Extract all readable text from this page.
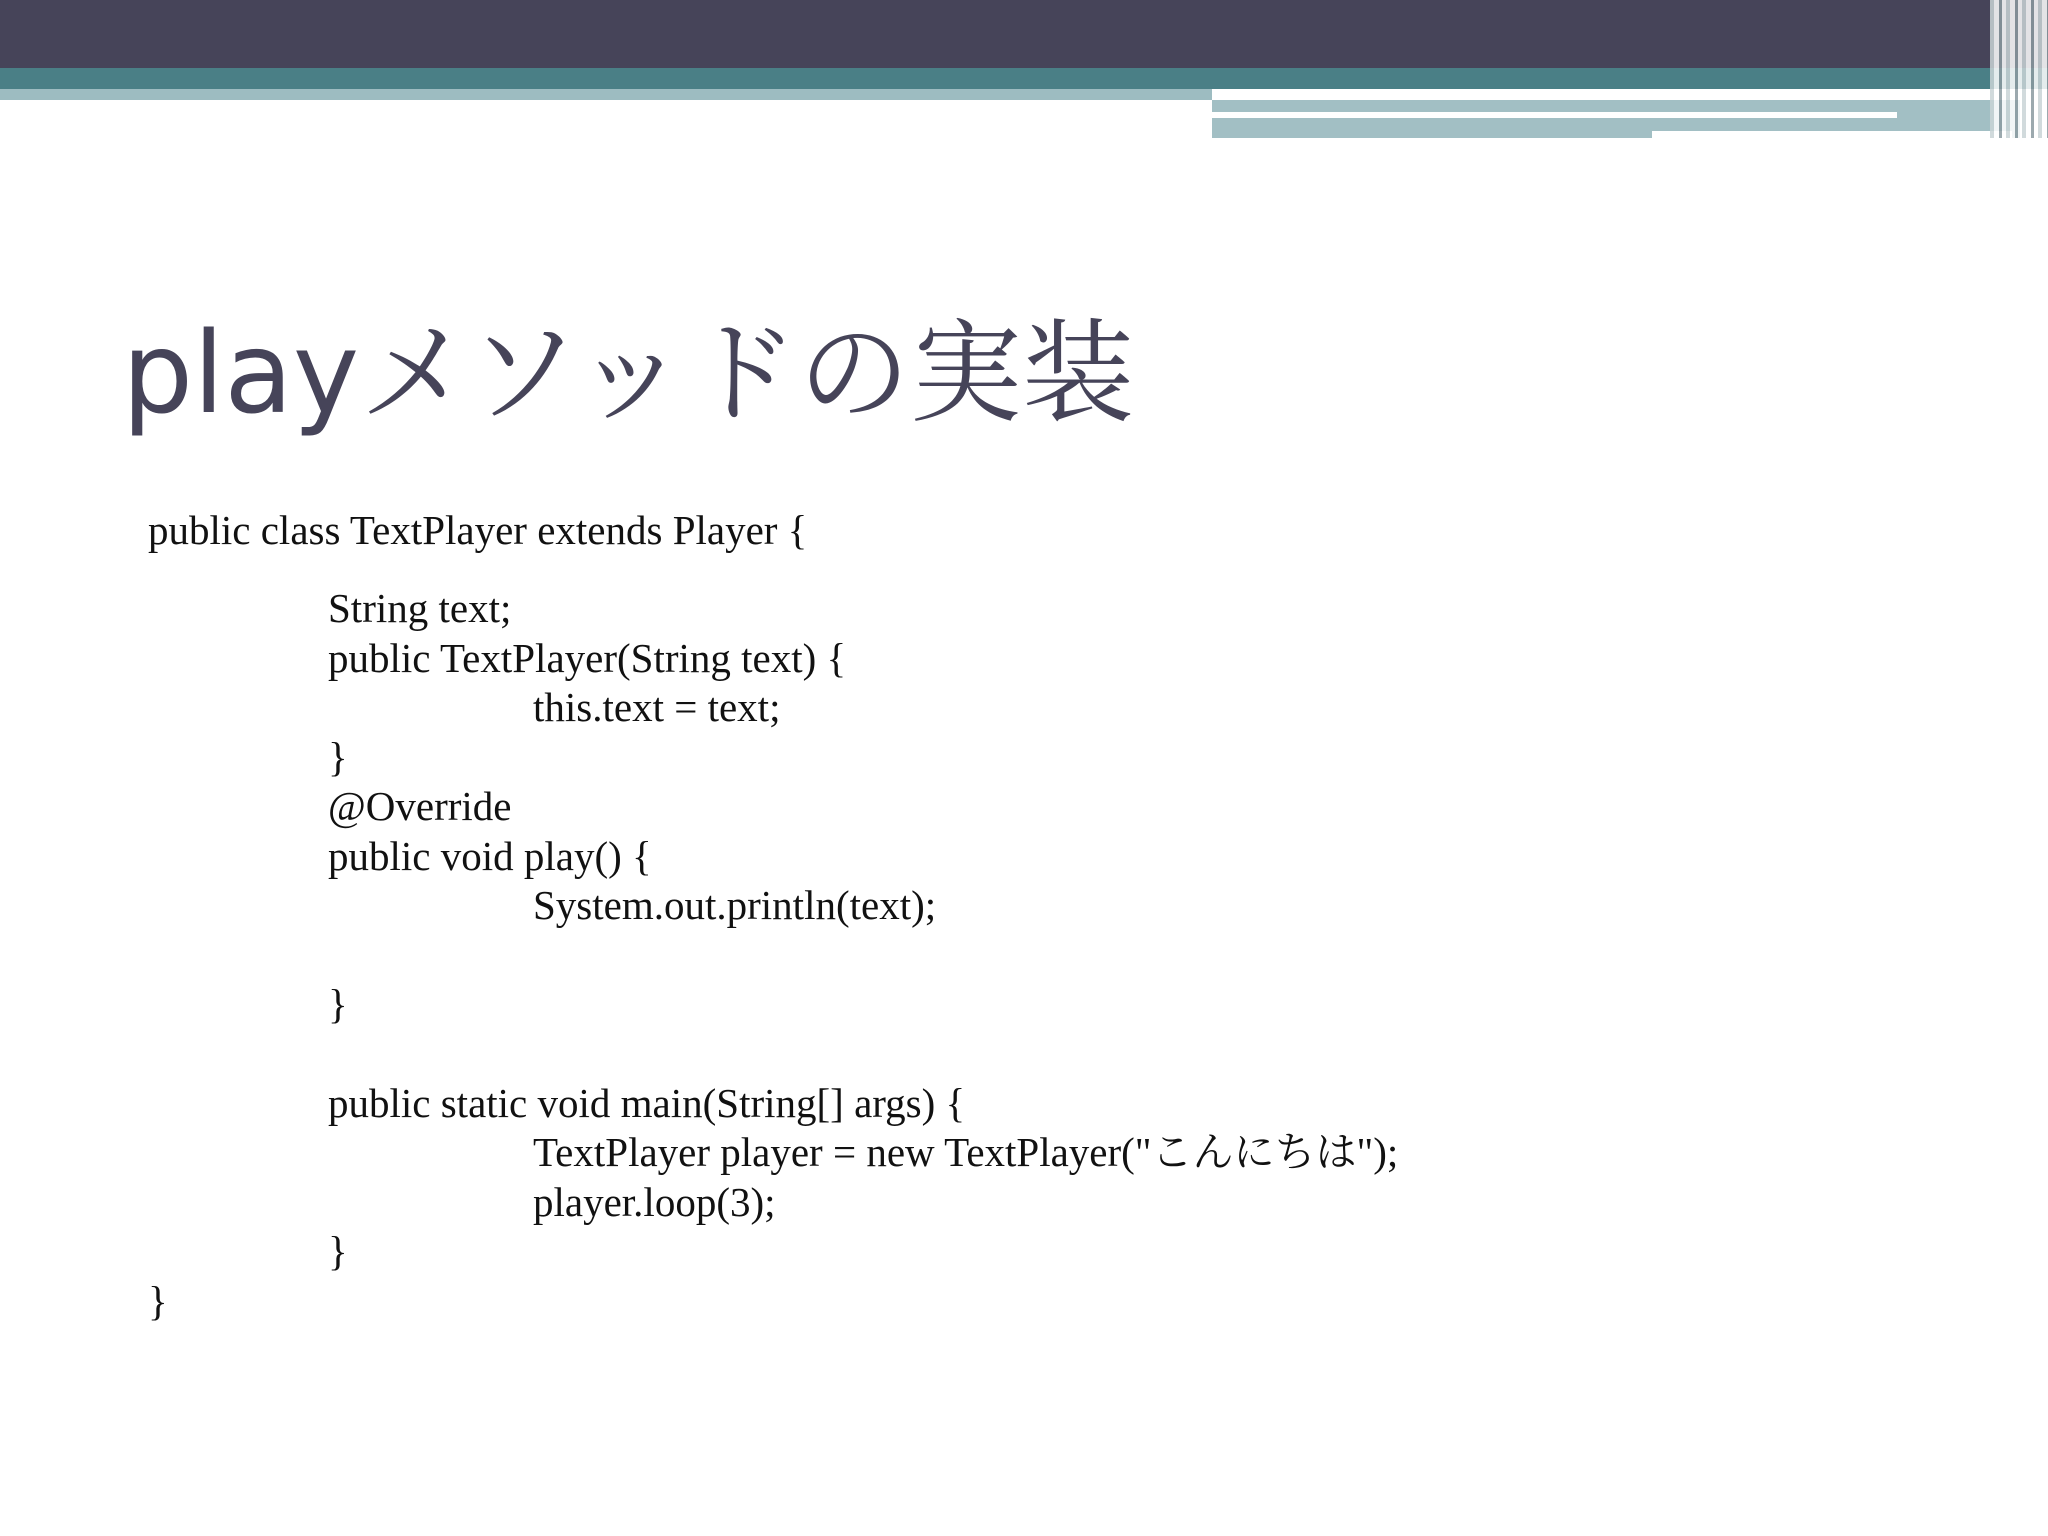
playメソッドの実装
public class TextPlayer extends Player {
String text;
public TextPlayer(String text) {
this.text = text;
}
@Override
public void play() {
System.out.println(text);
}
public static void main(String[] args) {
TextPlayer player = new TextPlayer("こんにちは");
player.loop(3);
}
}
